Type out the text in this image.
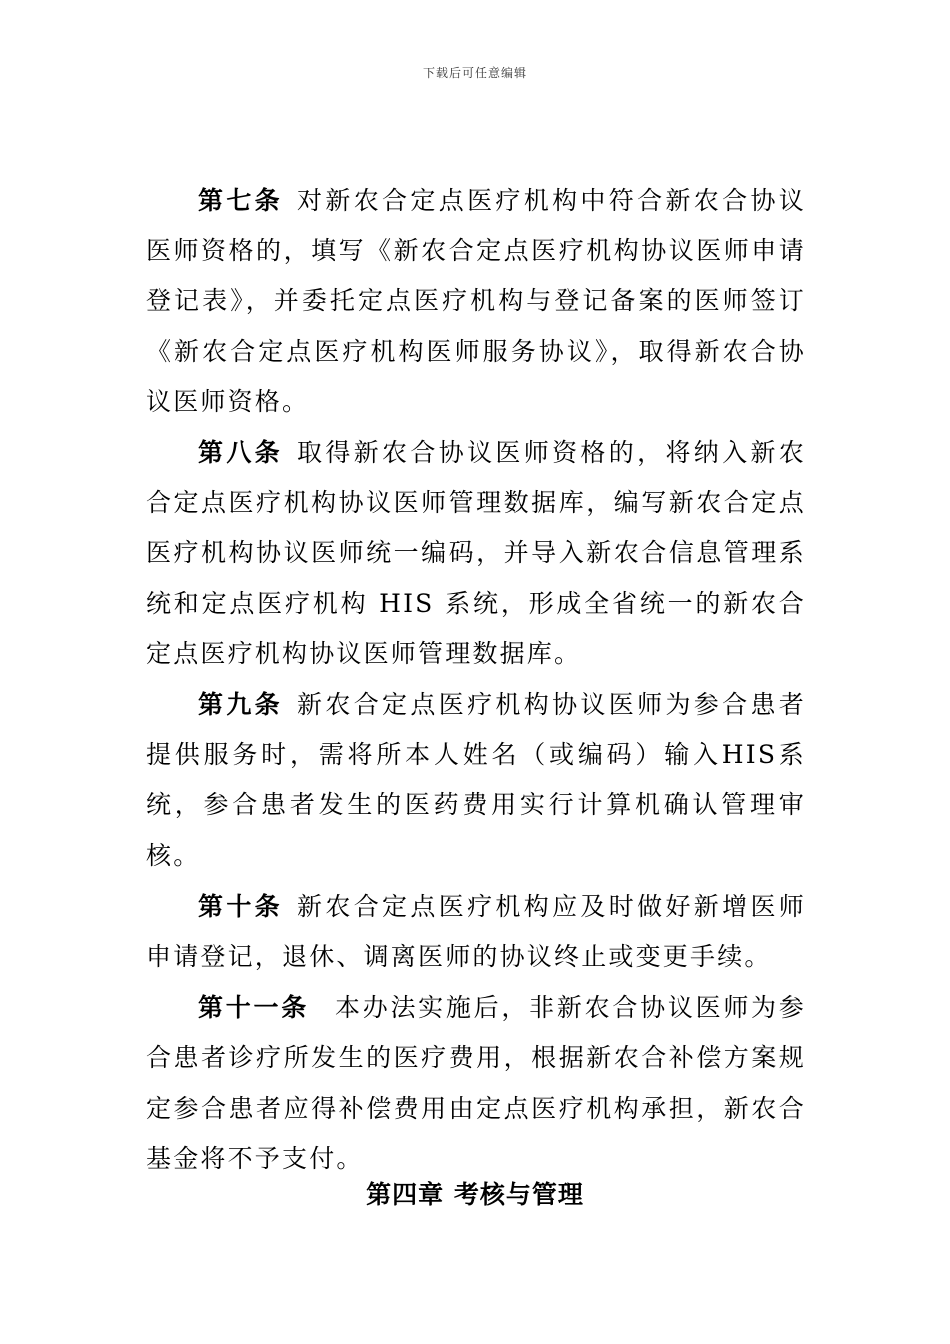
下载后可任意编辑

第七条 对新农合定点医疗机构中符合新农合协议医师资格的，填写《新农合定点医疗机构协议医师申请登记表》，并委托定点医疗机构与登记备案的医师签订《新农合定点医疗机构医师服务协议》，取得新农合协议医师资格。

第八条 取得新农合协议医师资格的，将纳入新农合定点医疗机构协议医师管理数据库，编写新农合定点医疗机构协议医师统一编码，并导入新农合信息管理系统和定点医疗机构 HIS 系统，形成全省统一的新农合定点医疗机构协议医师管理数据库。

第九条 新农合定点医疗机构协议医师为参合患者提供服务时，需将所本人姓名（或编码）输入HIS系统，参合患者发生的医药费用实行计算机确认管理审核。

第十条 新农合定点医疗机构应及时做好新增医师申请登记，退休、调离医师的协议终止或变更手续。

第十一条 本办法实施后，非新农合协议医师为参合患者诊疗所发生的医疗费用，根据新农合补偿方案规定参合患者应得补偿费用由定点医疗机构承担，新农合基金将不予支付。

第四章 考核与管理
